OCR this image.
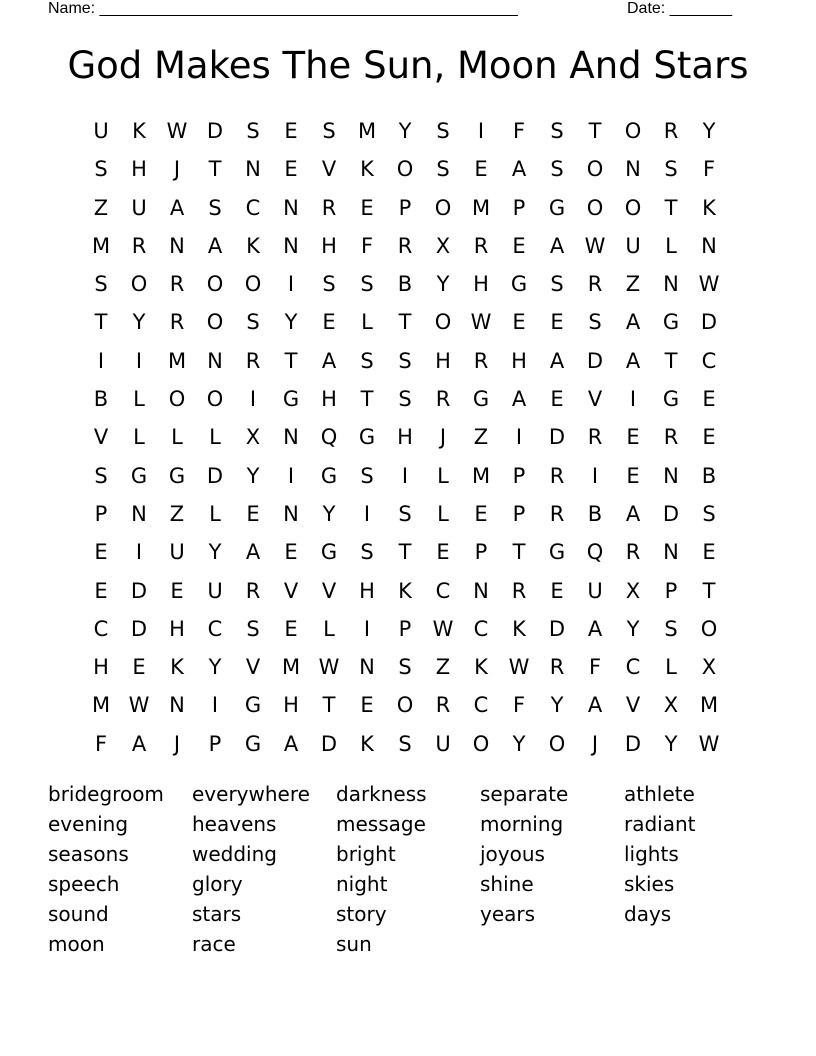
Name: _______________________________________________	Date: _______
God Makes The Sun, Moon And Stars
U	K W D	S	E	S	M	Y	S	I	F	S	T	O	R	Y
S	H	J	T	N	E	V	K	O	S	E	A	S	O	N	S	F
Z	U	A	S	C	N	R	E	P	O M	P	G	O	O	T	K
M	R	N	A	K	N	H	F	R	X	R	E	A W U	L	N
S	O	R	O	O	I	S	S	B	Y	H	G	S	R	Z	N W
T	Y	R	O	S	Y	E	L	T	O W E	E	S	A	G	D
I	I	M	N	R	T	A	S	S	H	R	H	A	D	A	T	C
B	L	O	O	I	G	H	T	S	R	G	A	E	V	I	G	E
V	L	L	L	X	N	Q	G	H	J	Z	I	D	R	E	R	E
S	G	G	D	Y	I	G	S	I	L	M	P	R	I	E	N	B
P	N	Z	L	E	N	Y	I	S	L	E	P	R	B	A	D	S
E	I	U	Y	A	E	G	S	T	E	P	T	G	Q	R	N	E
E	D	E	U	R	V	V	H	K	C	N	R	E	U	X	P	T
C	D	H	C	S	E	L	I	P	W C	K	D	A	Y	S	O
H	E	K	Y	V	M W N	S	Z	K W R	F	C	L	X
M W N	I	G	H	T	E	O	R	C	F	Y	A	V	X	M
F	A	J	P	G	A	D	K	S	U	O	Y	O	J	D	Y	W
bridegroom	everywhere	darkness	separate	athlete
evening	heavens	message	morning	radiant
seasons	wedding	bright	joyous	lights
speech	glory	night	shine	skies
sound	stars	story	years	days
moon	race	sun
